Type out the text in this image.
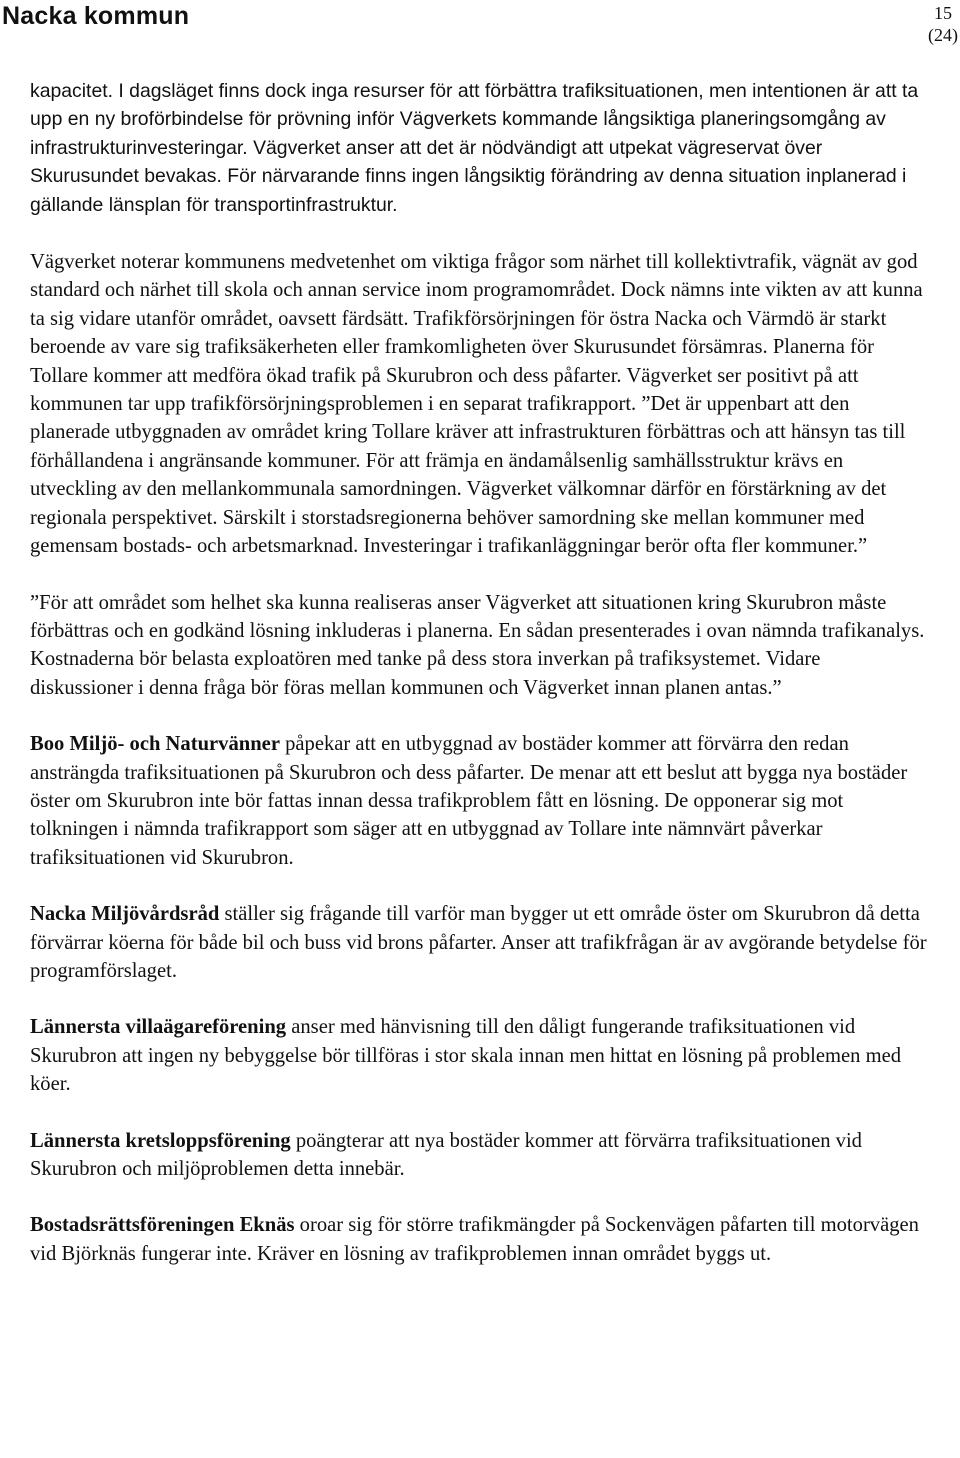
Nacka kommun	15
(24)

kapacitet. I dagsläget finns dock inga resurser för att förbättra trafiksituationen, men intentionen är att ta upp en ny broförbindelse för prövning inför Vägverkets kommande långsiktiga planeringsomgång av infrastrukturinvesteringar. Vägverket anser att det är nödvändigt att utpekat vägreservat över Skurusundet bevakas. För närvarande finns ingen långsiktig förändring av denna situation inplanerad i gällande länsplan för transportinfrastruktur.

Vägverket noterar kommunens medvetenhet om viktiga frågor som närhet till kollektivtrafik, vägnät av god standard och närhet till skola och annan service inom programområdet. Dock nämns inte vikten av att kunna ta sig vidare utanför området, oavsett färdsätt. Trafikförsörjningen för östra Nacka och Värmdö är starkt beroende av vare sig trafiksäkerheten eller framkomligheten över Skurusundet försämras. Planerna för Tollare kommer att medföra ökad trafik på Skurubron och dess påfarter. Vägverket ser positivt på att kommunen tar upp trafikförsörjningsproblemen i en separat trafikrapport. ”Det är uppenbart att den planerade utbyggnaden av området kring Tollare kräver att infrastrukturen förbättras och att hänsyn tas till förhållandena i angränsande kommuner. För att främja en ändamålsenlig samhällsstruktur krävs en utveckling av den mellankommunala samordningen. Vägverket välkomnar därför en förstärkning av det regionala perspektivet. Särskilt i storstadsregionerna behöver samordning ske mellan kommuner med gemensam bostads- och arbetsmarknad. Investeringar i trafikanläggningar berör ofta fler kommuner.”

”För att området som helhet ska kunna realiseras anser Vägverket att situationen kring Skurubron måste förbättras och en godkänd lösning inkluderas i planerna. En sådan presenterades i ovan nämnda trafikanalys. Kostnaderna bör belasta exploatören med tanke på dess stora inverkan på trafiksystemet. Vidare diskussioner i denna fråga bör föras mellan kommunen och Vägverket innan planen antas.”

Boo Miljö- och Naturvänner påpekar att en utbyggnad av bostäder kommer att förvärra den redan ansträngda trafiksituationen på Skurubron och dess påfarter. De menar att ett beslut att bygga nya bostäder öster om Skurubron inte bör fattas innan dessa trafikproblem fått en lösning. De opponerar sig mot tolkningen i nämnda trafikrapport som säger att en utbyggnad av Tollare inte nämnvärt påverkar trafiksituationen vid Skurubron.

Nacka Miljövårdsråd ställer sig frågande till varför man bygger ut ett område öster om Skurubron då detta förvärrar köerna för både bil och buss vid brons påfarter. Anser att trafikfrågan är av avgörande betydelse för programförslaget.

Lännersta villaägareförening anser med hänvisning till den dåligt fungerande trafiksituationen vid Skurubron att ingen ny bebyggelse bör tillföras i stor skala innan men hittat en lösning på problemen med köer.

Lännersta kretsloppsförening poängterar att nya bostäder kommer att förvärra trafiksituationen vid Skurubron och miljöproblemen detta innebär.

Bostadsrättsföreningen Eknäs oroar sig för större trafikmängder på Sockenvägen påfarten till motorvägen vid Björknäs fungerar inte. Kräver en lösning av trafikproblemen innan området byggs ut.
